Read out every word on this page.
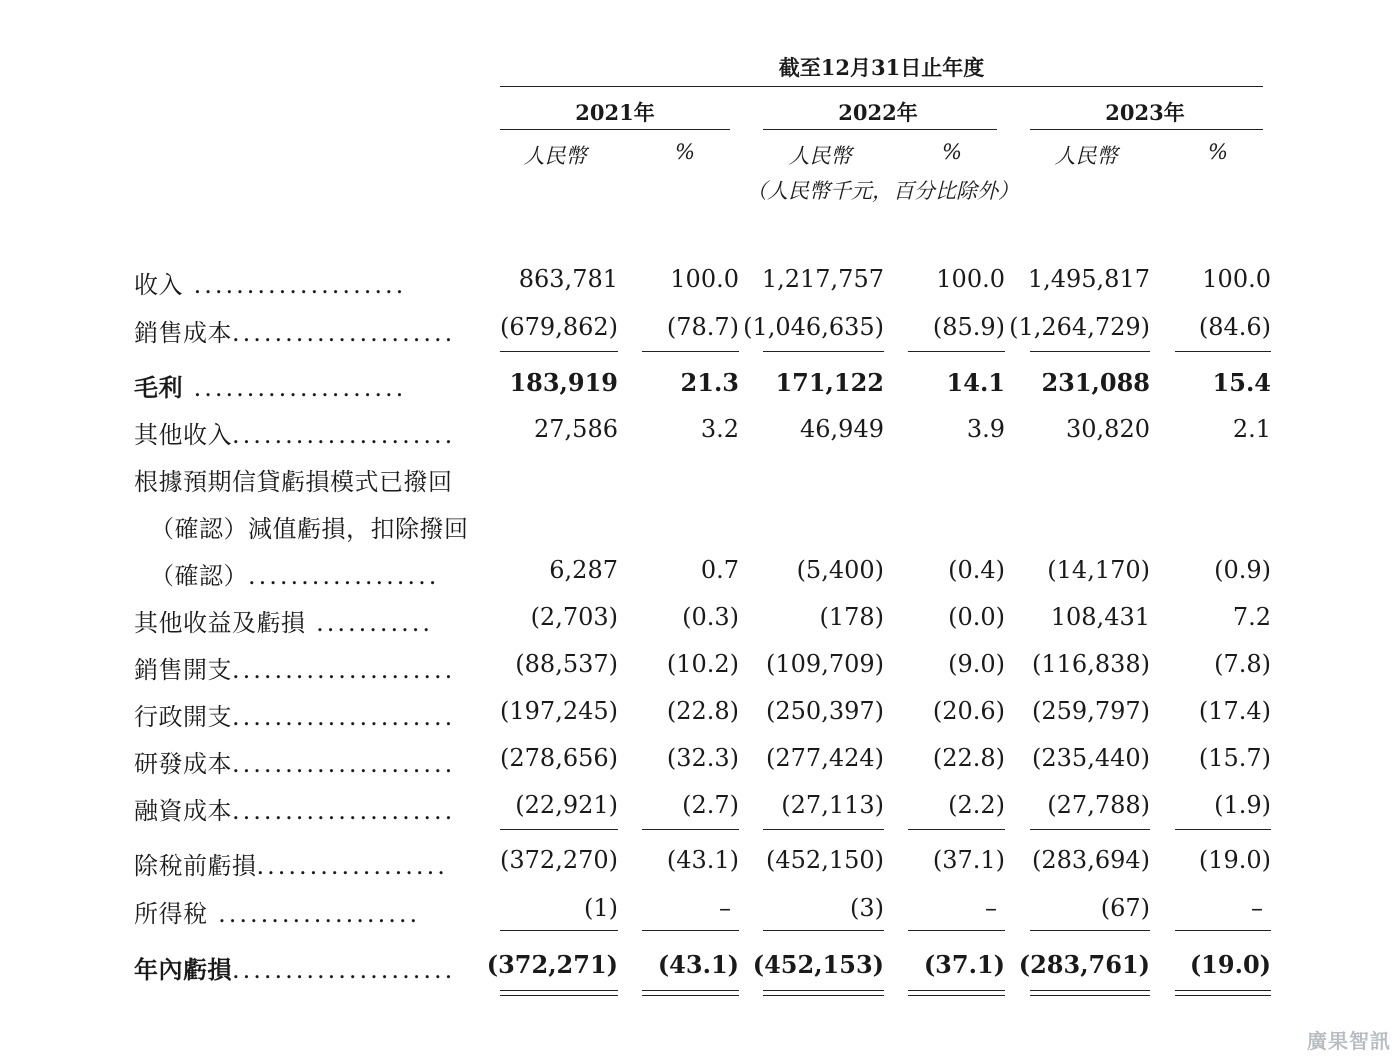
截至12月31日止年度
2021年	2022年	2023年
人民幣	%	人民幣	%	人民幣	%
（人民幣千元，百分比除外）
收入 ....................	863,781 100.0 1,217,757 100.0 1,495,817 100.0
銷售成本.....................	(679,862) (78.7) (1,046,635) (85.9) (1,264,729) (84.6)
毛利 ....................	183,919	21.3 171,122	14.1 231,088	15.4
其他收入.....................	27,586	3.2	46,949	3.9	30,820	2.1
根據預期信貸虧損模式已撥回
（確認）減值虧損，扣除撥回
（確認）..................	6,287	0.7 (5,400)	(0.4) (14,170)	(0.9)
其他收益及虧損 ...........	(2,703)	(0.3)	(178)	(0.0) 108,431	7.2
銷售開支.....................	(88,537) (10.2) (109,709)	(9.0) (116,838)	(7.8)
行政開支.....................	(197,245) (22.8) (250,397) (20.6) (259,797) (17.4)
研發成本.....................	(278,656) (32.3) (277,424) (22.8) (235,440) (15.7)
融資成本.....................	(22,921)	(2.7) (27,113)	(2.2) (27,788)	(1.9)
除稅前虧損..................	(372,270) (43.1) (452,150) (37.1) (283,694) (19.0)
所得稅 ...................	(1)	–	(3)	–	(67)	–
年內虧損.....................	(372,271) (43.1) (452,153) (37.1) (283,761) (19.0)
廣果智訊
